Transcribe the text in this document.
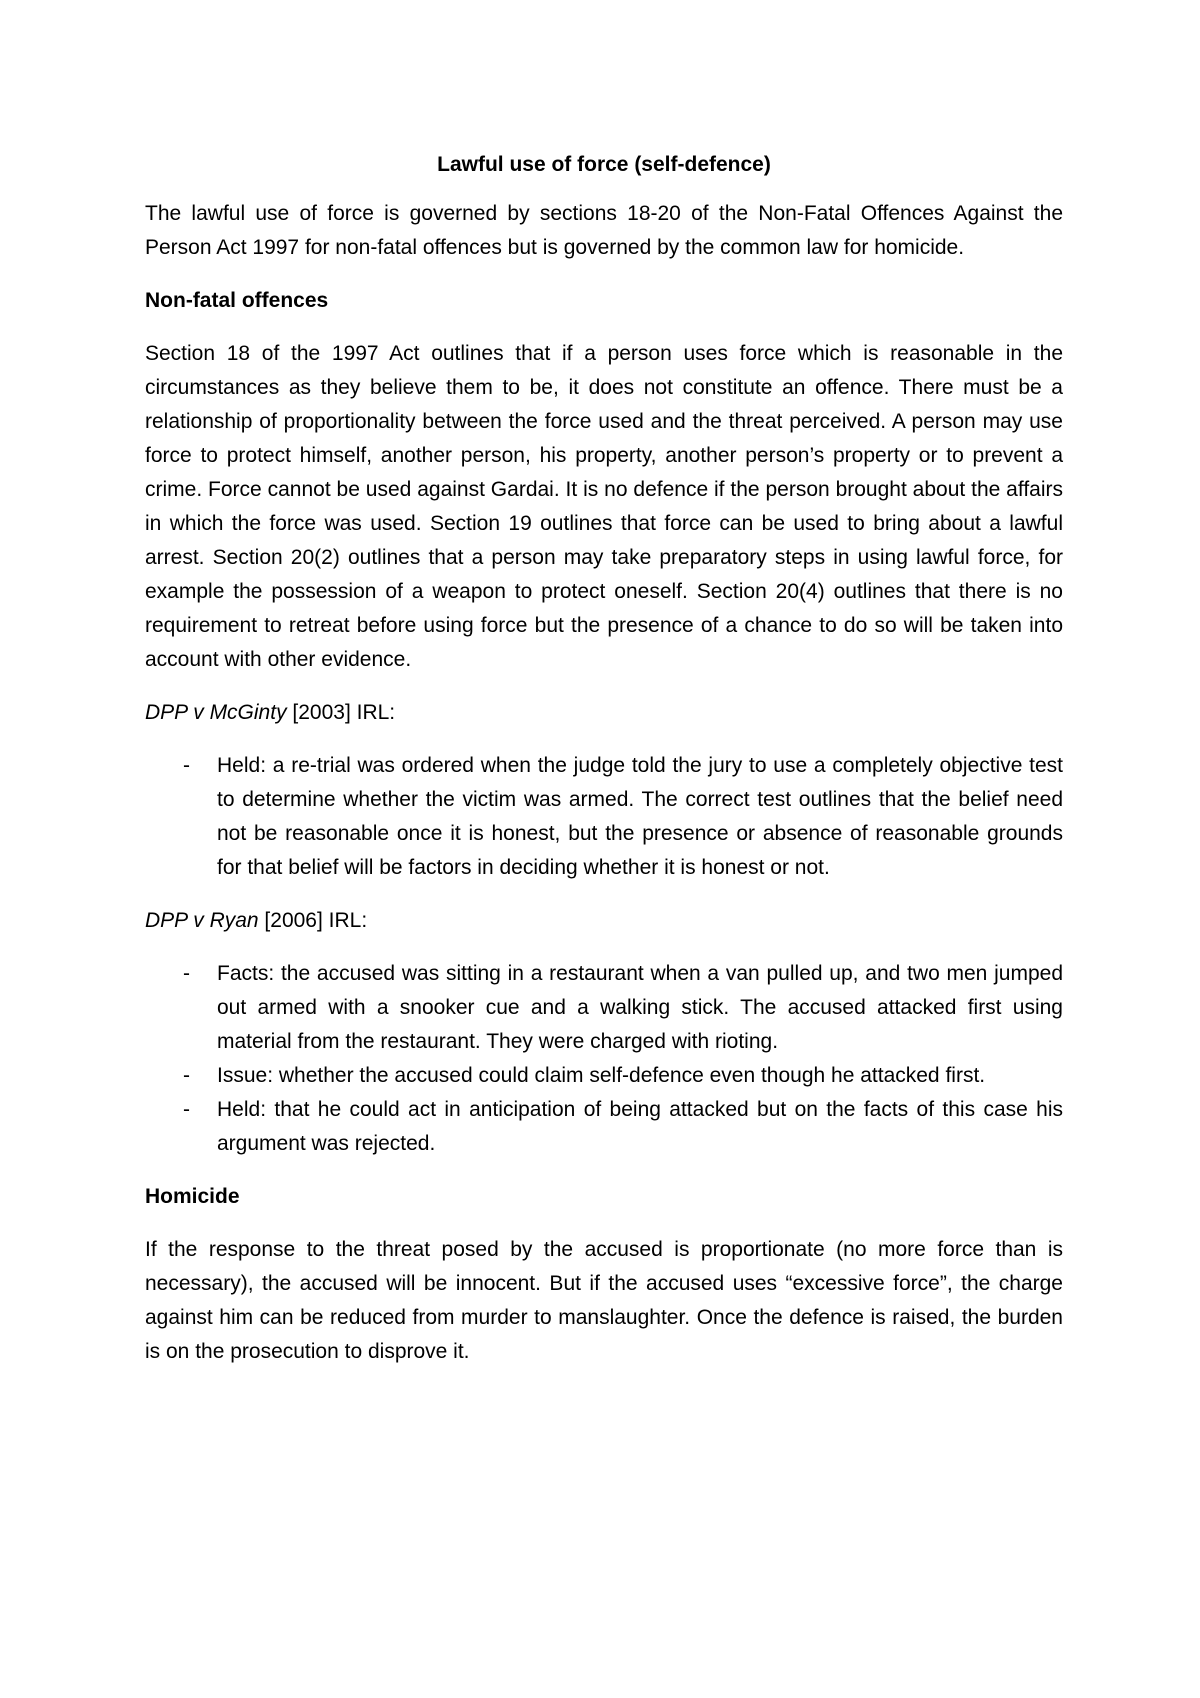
Lawful use of force (self-defence)

The lawful use of force is governed by sections 18-20 of the Non-Fatal Offences Against the Person Act 1997 for non-fatal offences but is governed by the common law for homicide.

Non-fatal offences

Section 18 of the 1997 Act outlines that if a person uses force which is reasonable in the circumstances as they believe them to be, it does not constitute an offence. There must be a relationship of proportionality between the force used and the threat perceived. A person may use force to protect himself, another person, his property, another person’s property or to prevent a crime. Force cannot be used against Gardai. It is no defence if the person brought about the affairs in which the force was used. Section 19 outlines that force can be used to bring about a lawful arrest. Section 20(2) outlines that a person may take preparatory steps in using lawful force, for example the possession of a weapon to protect oneself. Section 20(4) outlines that there is no requirement to retreat before using force but the presence of a chance to do so will be taken into account with other evidence.

DPP v McGinty [2003] IRL:
- Held: a re-trial was ordered when the judge told the jury to use a completely objective test to determine whether the victim was armed. The correct test outlines that the belief need not be reasonable once it is honest, but the presence or absence of reasonable grounds for that belief will be factors in deciding whether it is honest or not.
DPP v Ryan [2006] IRL:
- Facts: the accused was sitting in a restaurant when a van pulled up, and two men jumped out armed with a snooker cue and a walking stick. The accused attacked first using material from the restaurant. They were charged with rioting.
- Issue: whether the accused could claim self-defence even though he attacked first.
- Held: that he could act in anticipation of being attacked but on the facts of this case his argument was rejected.
Homicide

If the response to the threat posed by the accused is proportionate (no more force than is necessary), the accused will be innocent. But if the accused uses “excessive force”, the charge against him can be reduced from murder to manslaughter. Once the defence is raised, the burden is on the prosecution to disprove it.
